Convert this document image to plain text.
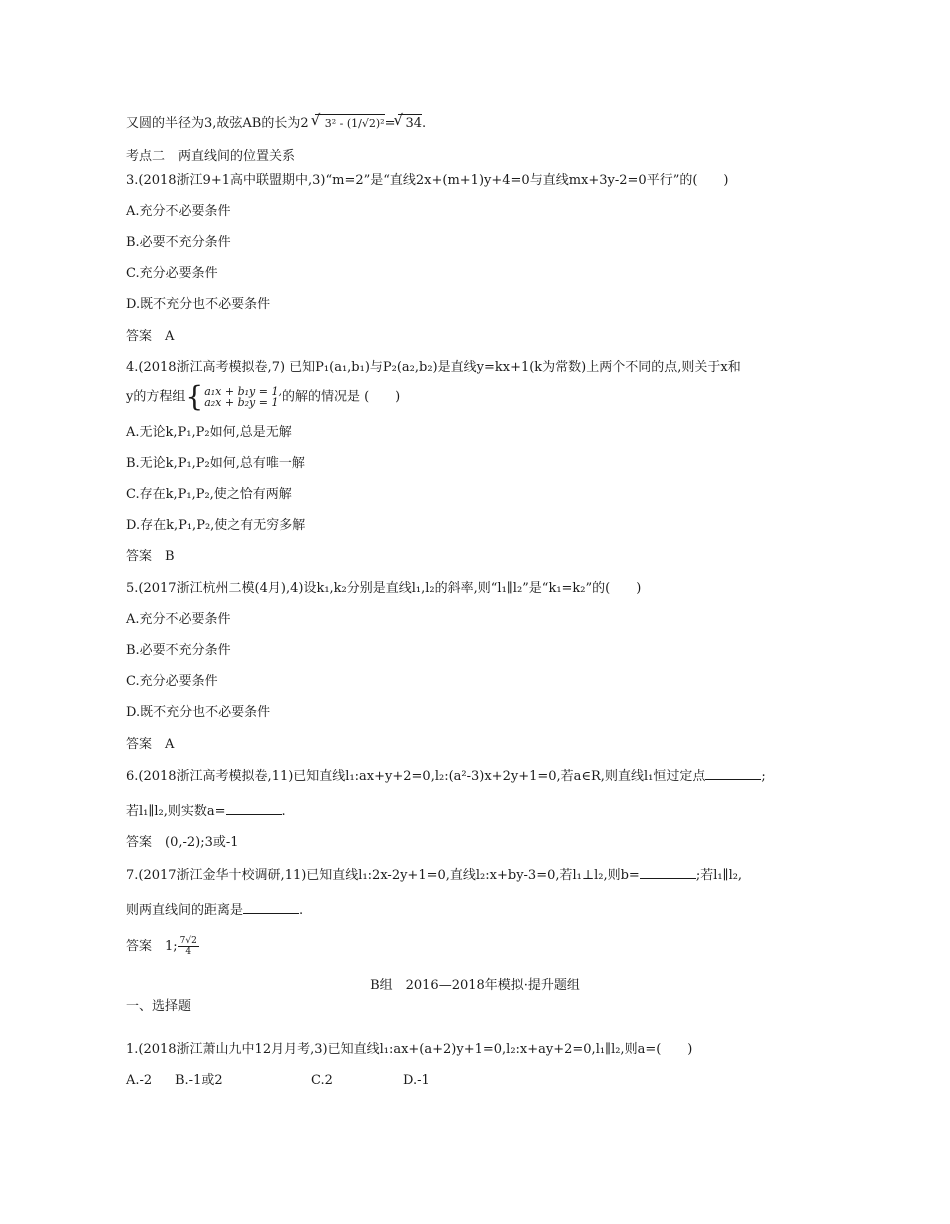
又圆的半径为3,故弦AB的长为2 √ 3² - (1/√2)²= √ 34.
考点二　两直线间的位置关系
3.(2018浙江9+1高中联盟期中,3)“m=2”是“直线2x+(m+1)y+4=0与直线mx+3y-2=0平行”的(　　)
A.充分不必要条件
B.必要不充分条件
C.充分必要条件
D.既不充分也不必要条件
答案　A
4.(2018浙江高考模拟卷,7) 已知P₁(a₁,b₁)与P₂(a₂,b₂)是直线y=kx+1(k为常数)上两个不同的点,则关于x和
y的方程组 { a₁x + b₁y = 1,
a₂x + b₂y = 1 的解的情况是 (　　)
A.无论k,P₁,P₂如何,总是无解
B.无论k,P₁,P₂如何,总有唯一解
C.存在k,P₁,P₂,使之恰有两解
D.存在k,P₁,P₂,使之有无穷多解
答案　B
5.(2017浙江杭州二模(4月),4)设k₁,k₂分别是直线l₁,l₂的斜率,则“l₁∥l₂”是“k₁=k₂”的(　　)
A.充分不必要条件
B.必要不充分条件
C.充分必要条件
D.既不充分也不必要条件
答案　A
6.(2018浙江高考模拟卷,11)已知直线l₁:ax+y+2=0,l₂:(a²-3)x+2y+1=0,若a∈R,则直线l₁恒过定点	;
若l₁∥l₂,则实数a=	.
答案　(0,-2);3或-1
7.(2017浙江金华十校调研,11)已知直线l₁:2x-2y+1=0,直线l₂:x+by-3=0,若l₁⊥l₂,则b=	;若l₁∥l₂,
则两直线间的距离是	.
答案　1; $\frac{7√2}{4}$
B组　2016—2018年模拟·提升题组
一、选择题
1.(2018浙江萧山九中12月月考,3)已知直线l₁:ax+(a+2)y+1=0,l₂:x+ay+2=0,l₁∥l₂,则a=(　　)
A.-2 B.-1或2	C.2	D.-1
